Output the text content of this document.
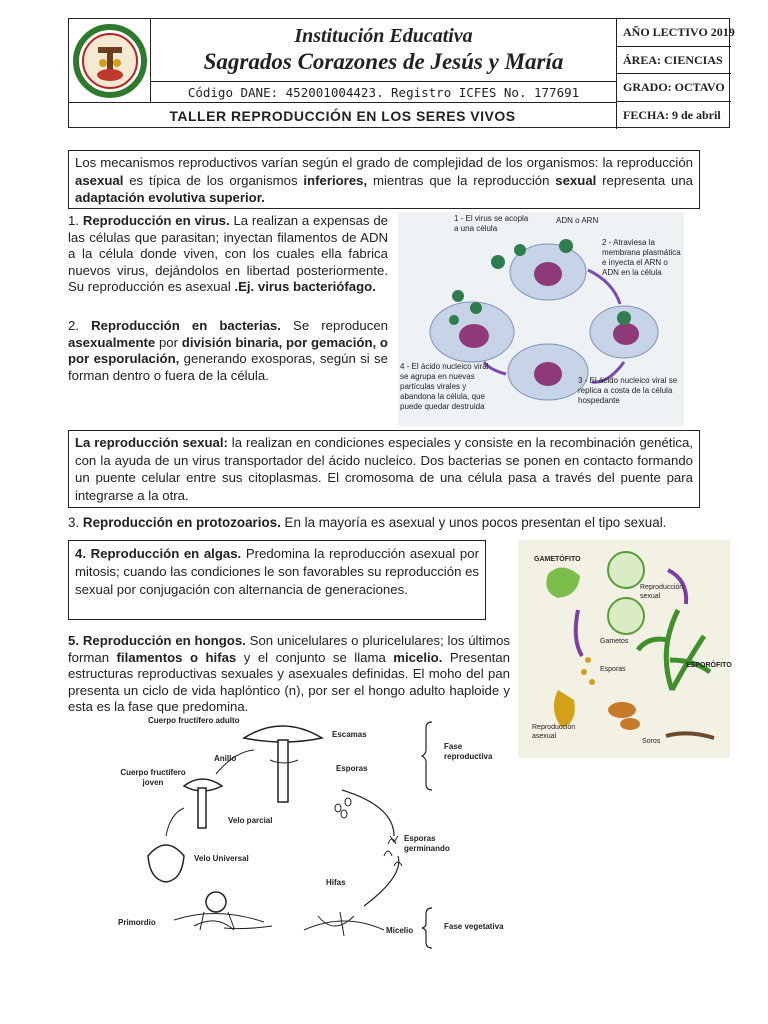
Institución Educativa
Sagrados Corazones de Jesús y María
Código DANE: 452001004423. Registro ICFES No. 177691
TALLER REPRODUCCIÓN EN LOS SERES VIVOS
AÑO LECTIVO 2019
ÁREA: CIENCIAS
GRADO: OCTAVO
FECHA: 9 de abril

Los mecanismos reproductivos varían según el grado de complejidad de los organismos: la reproducción asexual es típica de los organismos inferiores, mientras que la reproducción sexual representa una adaptación evolutiva superior.

1. Reproducción en virus. La realizan a expensas de las células que parasitan; inyectan filamentos de ADN a la célula donde viven, con los cuales ella fabrica nuevos virus, dejándolos en libertad posteriormente. Su reproducción es asexual .Ej. virus bacteriófago.

2. Reproducción en bacterias. Se reproducen asexualmente por división binaria, por gemación, o por esporulación, generando exosporas, según si se forman dentro o fuera de la célula.

1 - El virus se acopla a una célula
ADN o ARN
2 - Atraviesa la membrana plasmática e inyecta el ARN o ADN en la célula
3 - El ácido nucleico viral se replica a costa de la célula hospedante
4 - El ácido nucleico viral se agrupa en nuevas partículas virales y abandona la célula, que puede quedar destruida

La reproducción sexual: la realizan en condiciones especiales y consiste en la recombinación genética, con la ayuda de un virus transportador del ácido nucleico. Dos bacterias se ponen en contacto formando un puente celular entre sus citoplasmas. El cromosoma de una célula pasa a través del puente para integrarse a la otra.

3. Reproducción en protozoarios. En la mayoría es asexual y unos pocos presentan el tipo sexual.

4. Reproducción en algas. Predomina la reproducción asexual por mitosis; cuando las condiciones le son favorables su reproducción es sexual por conjugación con alternancia de generaciones.

GAMETÓFITO
Reproducción sexual
Gametos
Esporas
ESPORÓFITO
Reproducción asexual
Soros

5. Reproducción en hongos. Son unicelulares o pluricelulares; los últimos forman filamentos o hifas y el conjunto se llama micelio. Presentan estructuras reproductivas sexuales y asexuales definidas. El moho del pan presenta un ciclo de vida haplóntico (n), por ser el hongo adulto haploide y esta es la fase que predomina.

Cuerpo fructífero adulto
Escamas
Anillo
Esporas
Cuerpo fructífero joven
Velo parcial
Esporas germinando
Velo Universal
Hifas
Primordio
Micelio
Fase reproductiva
Fase vegetativa
